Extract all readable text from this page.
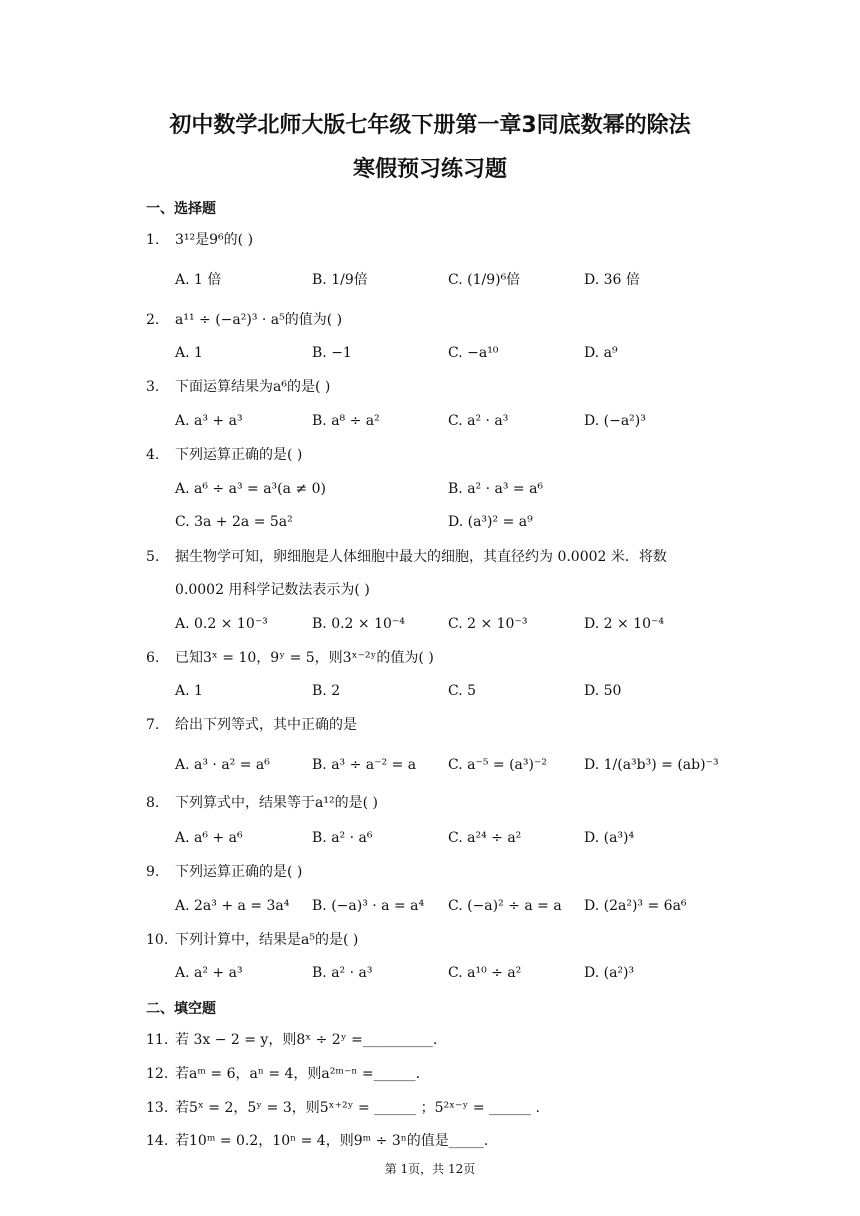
初中数学北师大版七年级下册第一章3同底数幂的除法
寒假预习练习题
一、选择题
1. 3¹²是9⁶的( )
A. 1 倍	B. 1/9倍	C. (1/9)⁶倍	D. 36 倍
2. a¹¹ ÷ (−a²)³ · a⁵的值为( )
A. 1	B. −1	C. −a¹⁰	D. a⁹
3. 下面运算结果为a⁶的是( )
A. a³ + a³	B. a⁸ ÷ a²	C. a² · a³	D. (−a²)³
4. 下列运算正确的是( )
A. a⁶ ÷ a³ = a³(a ≠ 0)	B. a² · a³ = a⁶
C. 3a + 2a = 5a²	D. (a³)² = a⁹
5. 据生物学可知，卵细胞是人体细胞中最大的细胞，其直径约为 0.0002 米．将数
0.0002 用科学记数法表示为( )
A. 0.2 × 10⁻³	B. 0.2 × 10⁻⁴	C. 2 × 10⁻³	D. 2 × 10⁻⁴
6. 已知3ˣ = 10，9ʸ = 5，则3ˣ⁻²ʸ的值为( )
A. 1	B. 2	C. 5	D. 50
7. 给出下列等式，其中正确的是
A. a³ · a² = a⁶	B. a³ ÷ a⁻² = a C. a⁻⁵ = (a³)⁻²	D. 1/(a³b³) = (ab)⁻³
8. 下列算式中，结果等于a¹²的是( )
A. a⁶ + a⁶	B. a² · a⁶	C. a²⁴ ÷ a²	D. (a³)⁴
9. 下列运算正确的是( )
A. 2a³ + a = 3a⁴ B. (−a)³ · a = a⁴ C. (−a)² ÷ a = a D. (2a²)³ = 6a⁶
10. 下列计算中，结果是a⁵的是( )
A. a² + a³	B. a² · a³	C. a¹⁰ ÷ a²	D. (a²)³
二、填空题
11. 若 3x − 2 = y，则8ˣ ÷ 2ʸ =__________.
12. 若aᵐ = 6，aⁿ = 4，则a²ᵐ⁻ⁿ =______.
13. 若5ˣ = 2，5ʸ = 3，则5ˣ⁺²ʸ = ______ ；5²ˣ⁻ʸ = ______ .
14. 若10ᵐ = 0.2，10ⁿ = 4，则9ᵐ ÷ 3ⁿ的值是_____.
第 1页，共 12页
